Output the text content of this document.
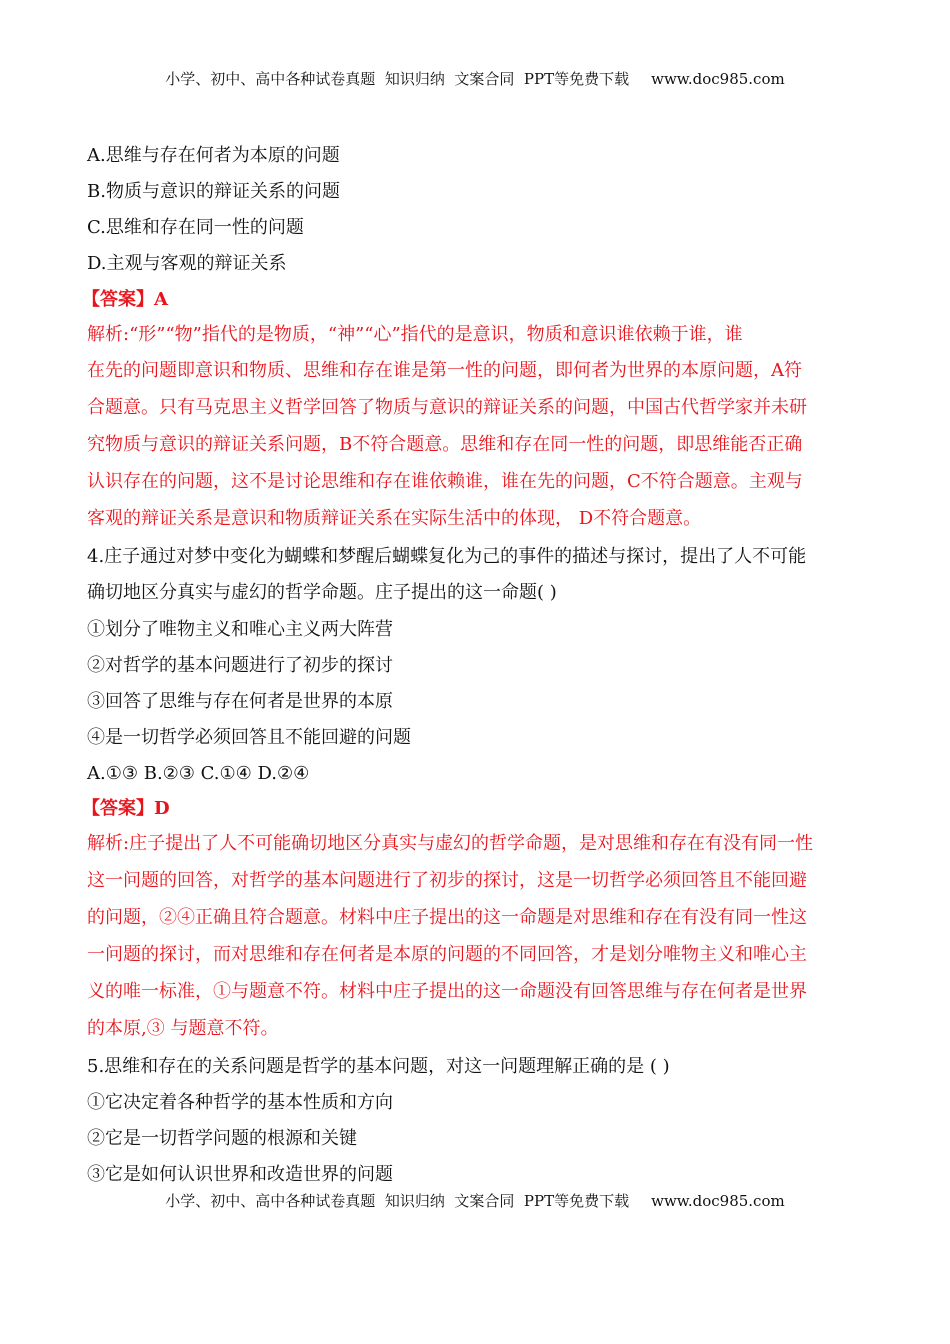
小学、初中、高中各种试卷真题  知识归纳  文案合同  PPT等免费下载 www.doc985.com
A.思维与存在何者为本原的问题
B.物质与意识的辩证关系的问题
C.思维和存在同一性的问题
D.主观与客观的辩证关系
【答案】A
解析:“形”“物”指代的是物质，“神”“心”指代的是意识，物质和意识谁依赖于谁，谁
在先的问题即意识和物质、思维和存在谁是第一性的问题，即何者为世界的本原问题，A符
合题意。只有马克思主义哲学回答了物质与意识的辩证关系的问题，中国古代哲学家并未研
究物质与意识的辩证关系问题，B不符合题意。思维和存在同一性的问题，即思维能否正确
认识存在的问题，这不是讨论思维和存在谁依赖谁，谁在先的问题，C不符合题意。主观与
客观的辩证关系是意识和物质辩证关系在实际生活中的体现， D不符合题意。
4.庄子通过对梦中变化为蝴蝶和梦醒后蝴蝶复化为己的事件的描述与探讨，提出了人不可能
确切地区分真实与虚幻的哲学命题。庄子提出的这一命题( )
①划分了唯物主义和唯心主义两大阵营
②对哲学的基本问题进行了初步的探讨
③回答了思维与存在何者是世界的本原
④是一切哲学必须回答且不能回避的问题
A.①③ B.②③ C.①④ D.②④
【答案】D
解析:庄子提出了人不可能确切地区分真实与虚幻的哲学命题，是对思维和存在有没有同一性
这一问题的回答，对哲学的基本问题进行了初步的探讨，这是一切哲学必须回答且不能回避
的问题，②④正确且符合题意。材料中庄子提出的这一命题是对思维和存在有没有同一性这
一问题的探讨，而对思维和存在何者是本原的问题的不同回答，才是划分唯物主义和唯心主
义的唯一标准，①与题意不符。材料中庄子提出的这一命题没有回答思维与存在何者是世界
的本原,③ 与题意不符。
5.思维和存在的关系问题是哲学的基本问题，对这一问题理解正确的是 ( )
①它决定着各种哲学的基本性质和方向
②它是一切哲学问题的根源和关键
③它是如何认识世界和改造世界的问题
小学、初中、高中各种试卷真题  知识归纳  文案合同  PPT等免费下载 www.doc985.com
